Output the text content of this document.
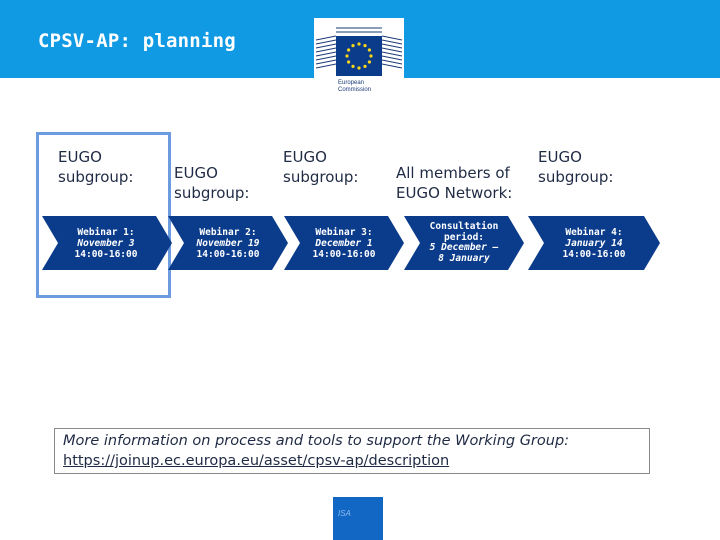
CPSV-AP: planning
European
Commission
EUGO
subgroup:	EUGO
subgroup:
EUGO
subgroup:	All members of
EUGO Network:
EUGO
subgroup:
Webinar 1:
November 3
14:00-16:00
Webinar 2:
November 19
14:00-16:00
Webinar 3:
December 1
14:00-16:00
Consultation
period:
5 December –
8 January
Webinar 4:
January 14
14:00-16:00
More information on process and tools to support the Working Group:
https://joinup.ec.europa.eu/asset/cpsv-ap/description
ISA
